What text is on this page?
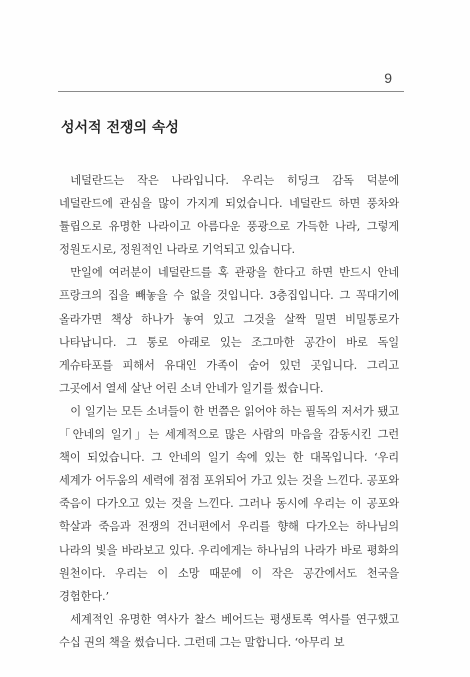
9
성서적 전쟁의 속성

네덜란드는 작은 나라입니다. 우리는 히딩크 감독 덕분에 네덜란드에 관심을 많이 가지게 되었습니다. 네덜란드 하면 풍차와 튤립으로 유명한 나라이고 아름다운 풍광으로 가득한 나라, 그렇게 정원도시로, 정원적인 나라로 기억되고 있습니다.

만일에 여러분이 네덜란드를 혹 관광을 한다고 하면 반드시 안네 프랑크의 집을 빼놓을 수 없을 것입니다. 3층집입니다. 그 꼭대기에 올라가면 책상 하나가 놓여 있고 그것을 살짝 밀면 비밀통로가 나타납니다. 그 통로 아래로 있는 조그마한 공간이 바로 독일 게슈타포를 피해서 유대인 가족이 숨어 있던 곳입니다. 그리고 그곳에서 열세 살난 어린 소녀 안네가 일기를 썼습니다.

이 일기는 모든 소녀들이 한 번쯤은 읽어야 하는 필독의 저서가 됐고 「안네의 일기」는 세계적으로 많은 사람의 마음을 감동시킨 그런 책이 되었습니다. 그 안네의 일기 속에 있는 한 대목입니다. ‘우리 세계가 어두움의 세력에 점점 포위되어 가고 있는 것을 느낀다. 공포와 죽음이 다가오고 있는 것을 느낀다. 그러나 동시에 우리는 이 공포와 학살과 죽음과 전쟁의 건너편에서 우리를 향해 다가오는 하나님의 나라의 빛을 바라보고 있다. 우리에게는 하나님의 나라가 바로 평화의 원천이다. 우리는 이 소망 때문에 이 작은 공간에서도 천국을 경험한다.’

세계적인 유명한 역사가 찰스 베어드는 평생토록 역사를 연구했고 수십 권의 책을 썼습니다. 그런데 그는 말합니다. ‘아무리 보
